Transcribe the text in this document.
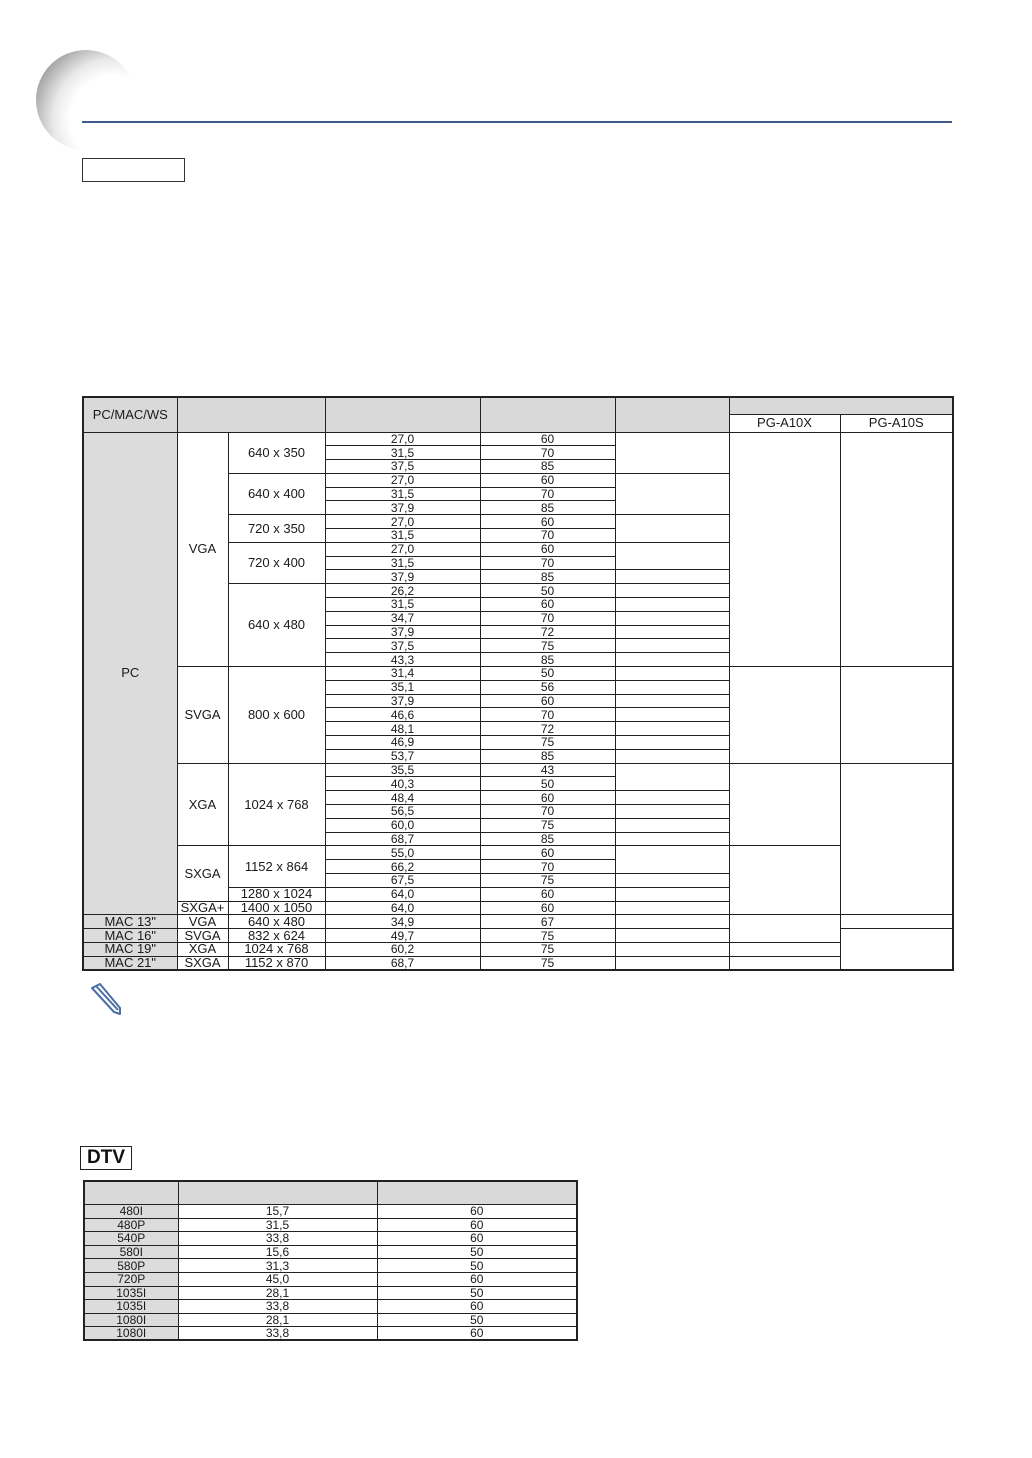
PC/MAC/WS							
						PG-A10X	PG-A10S
PC	VGA	640 x 350	27,0	60			
			31,5	70			
			37,5	85			
		640 x 400	27,0	60			
			31,5	70			
			37,9	85			
		720 x 350	27,0	60			
			31,5	70			
		720 x 400	27,0	60			
			31,5	70			
			37,9	85			
		640 x 480	26,2	50			
			31,5	60			
			34,7	70			
			37,9	72			
			37,5	75			
			43,3	85			
	SVGA	800 x 600	31,4	50			
			35,1	56			
			37,9	60			
			46,6	70			
			48,1	72			
			46,9	75			
			53,7	85			
	XGA	1024 x 768	35,5	43			
			40,3	50			
			48,4	60			
			56,5	70			
			60,0	75			
			68,7	85			
	SXGA	1152 x 864	55,0	60			
			66,2	70			
			67,5	75			
		1280 x 1024	64,0	60			
	SXGA+	1400 x 1050	64,0	60			
MAC 13"	VGA	640 x 480	34,9	67			
MAC 16"	SVGA	832 x 624	49,7	75			
MAC 19"	XGA	1024 x 768	60,2	75			
MAC 21"	SXGA	1152 x 870	68,7	75			
DTV

480I	15,7	60
480P	31,5	60
540P	33,8	60
580I	15,6	50
580P	31,3	50
720P	45,0	60
1035I	28,1	50
1035I	33,8	60
1080I	28,1	50
1080I	33,8	60
